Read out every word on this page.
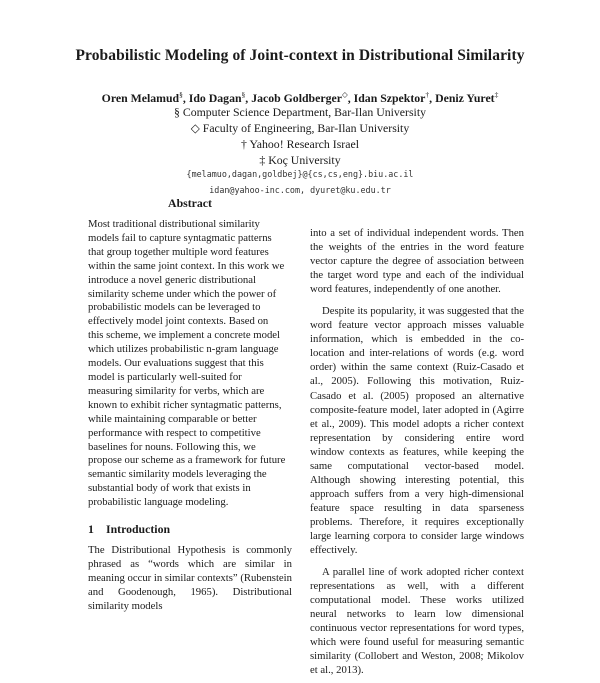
Probabilistic Modeling of Joint-context in Distributional Similarity
Oren Melamud§, Ido Dagan§, Jacob Goldberger◇, Idan Szpektor†, Deniz Yuret‡
§ Computer Science Department, Bar-Ilan University
◇ Faculty of Engineering, Bar-Ilan University
† Yahoo! Research Israel
‡ Koç University
{melamuo,dagan,goldbej}@{cs,cs,eng}.biu.ac.il
idan@yahoo-inc.com, dyuret@ku.edu.tr
Abstract

Most traditional distributional similarity models fail to capture syntagmatic patterns that group together multiple word features within the same joint context. In this work we introduce a novel generic distributional similarity scheme under which the power of probabilistic models can be leveraged to effectively model joint contexts. Based on this scheme, we implement a concrete model which utilizes probabilistic n-gram language models. Our evaluations suggest that this model is particularly well-suited for measuring similarity for verbs, which are known to exhibit richer syntagmatic patterns, while maintaining comparable or better performance with respect to competitive baselines for nouns. Following this, we propose our scheme as a framework for future semantic similarity models leveraging the substantial body of work that exists in probabilistic language modeling.

1 Introduction

The Distributional Hypothesis is commonly phrased as “words which are similar in meaning occur in similar contexts” (Rubenstein and Goodenough, 1965). Distributional similarity models

into a set of individual independent words. Then the weights of the entries in the word feature vector capture the degree of association between the target word type and each of the individual word features, independently of one another.

Despite its popularity, it was suggested that the word feature vector approach misses valuable information, which is embedded in the co-location and inter-relations of words (e.g. word order) within the same context (Ruiz-Casado et al., 2005). Following this motivation, Ruiz-Casado et al. (2005) proposed an alternative composite-feature model, later adopted in (Agirre et al., 2009). This model adopts a richer context representation by considering entire word window contexts as features, while keeping the same computational vector-based model. Although showing interesting potential, this approach suffers from a very high-dimensional feature space resulting in data sparseness problems. Therefore, it requires exceptionally large learning corpora to consider large windows effectively.

A parallel line of work adopted richer context representations as well, with a different computational model. These works utilized neural networks to learn low dimensional continuous vector representations for word types, which were found useful for measuring semantic similarity (Collobert and Weston, 2008; Mikolov et al., 2013).
